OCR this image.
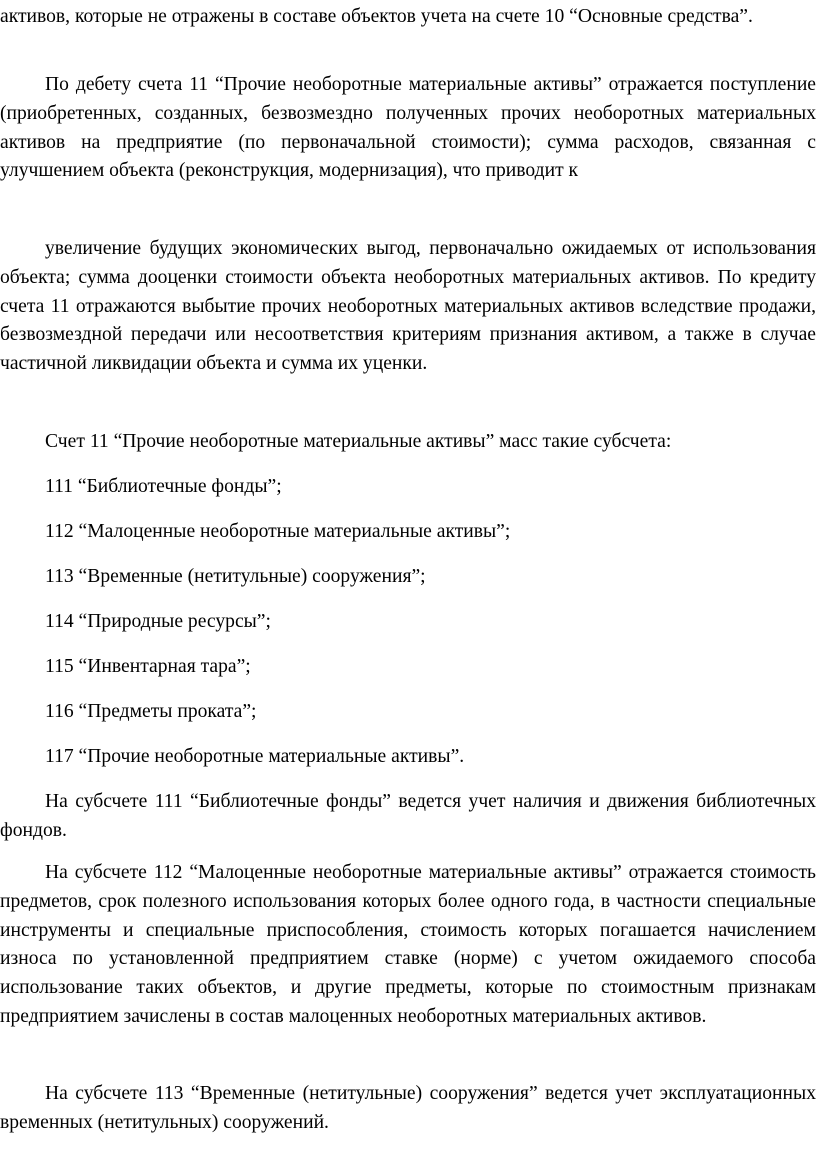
активов, которые не отражены в составе объектов учета на счете 10 “Основные средства”.

По дебету счета 11 “Прочие необоротные материальные активы” отражается поступление (приобретенных, созданных, безвозмездно полученных прочих необоротных материальных активов на предприятие (по первоначальной стоимости); сумма расходов, связанная с улучшением объекта (реконструкция, модернизация), что приводит к

увеличение будущих экономических выгод, первоначально ожидаемых от использования объекта; сумма дооценки стоимости объекта необоротных материальных активов. По кредиту счета 11 отражаются выбытие прочих необоротных материальных активов вследствие продажи, безвозмездной передачи или несоответствия критериям признания активом, а также в случае частичной ликвидации объекта и сумма их уценки.

Счет 11 “Прочие необоротные материальные активы” масс такие субсчета:

111 “Библиотечные фонды”;

112 “Малоценные необоротные материальные активы”;

113 “Временные (нетитульные) сооружения”;

114 “Природные ресурсы”;

115 “Инвентарная тара”;

116 “Предметы проката”;

117 “Прочие необоротные материальные активы”.

На субсчете 111 “Библиотечные фонды” ведется учет наличия и движения библиотечных фондов.

На субсчете 112 “Малоценные необоротные материальные активы” отражается стоимость предметов, срок полезного использования которых более одного года, в частности специальные инструменты и специальные приспособления, стоимость которых погашается начислением износа по установленной предприятием ставке (норме) с учетом ожидаемого способа использование таких объектов, и другие предметы, которые по стоимостным признакам предприятием зачислены в состав малоценных необоротных материальных активов.

На субсчете 113 “Временные (нетитульные) сооружения” ведется учет эксплуатационных временных (нетитульных) сооружений.
